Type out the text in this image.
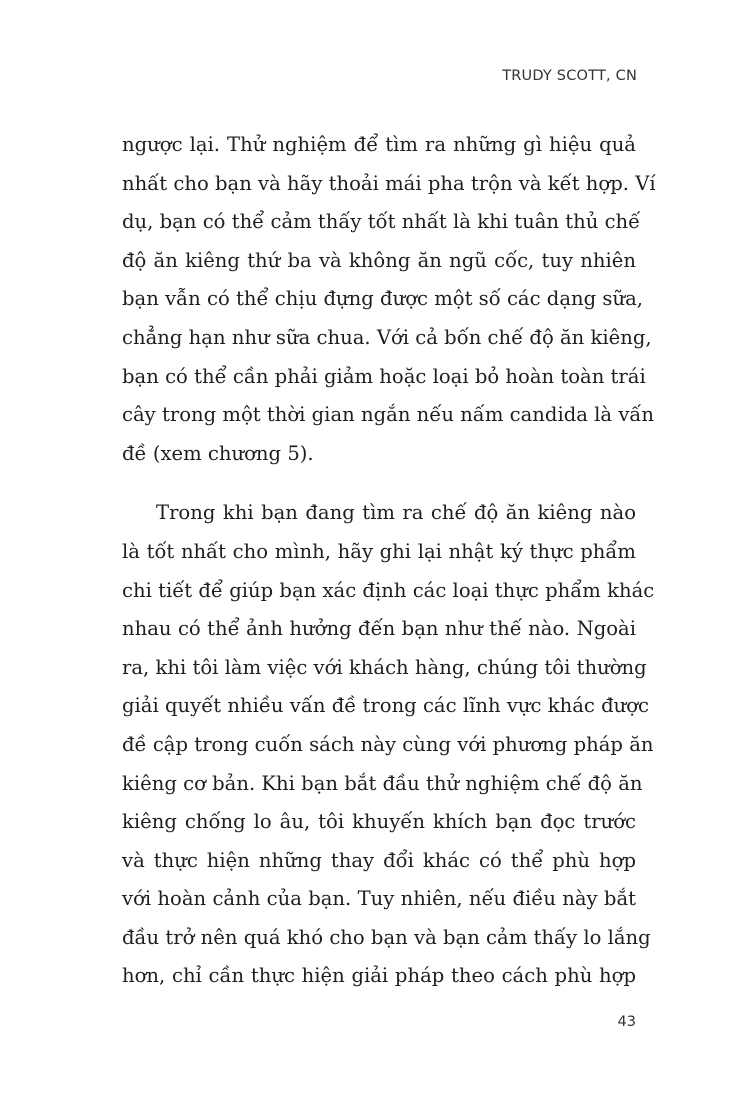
TRUDY SCOTT, CN
ngược lại. Thử nghiệm để tìm ra những gì hiệu quả
nhất cho bạn và hãy thoải mái pha trộn và kết hợp. Ví
dụ, bạn có thể cảm thấy tốt nhất là khi tuân thủ chế
độ ăn kiêng thứ ba và không ăn ngũ cốc, tuy nhiên
bạn vẫn có thể chịu đựng được một số các dạng sữa,
chẳng hạn như sữa chua. Với cả bốn chế độ ăn kiêng,
bạn có thể cần phải giảm hoặc loại bỏ hoàn toàn trái
cây trong một thời gian ngắn nếu nấm candida là vấn
đề (xem chương 5).
Trong khi bạn đang tìm ra chế độ ăn kiêng nào
là tốt nhất cho mình, hãy ghi lại nhật ký thực phẩm
chi tiết để giúp bạn xác định các loại thực phẩm khác
nhau có thể ảnh hưởng đến bạn như thế nào. Ngoài
ra, khi tôi làm việc với khách hàng, chúng tôi thường
giải quyết nhiều vấn đề trong các lĩnh vực khác được
đề cập trong cuốn sách này cùng với phương pháp ăn
kiêng cơ bản. Khi bạn bắt đầu thử nghiệm chế độ ăn
kiêng chống lo âu, tôi khuyến khích bạn đọc trước
và thực hiện những thay đổi khác có thể phù hợp
với hoàn cảnh của bạn. Tuy nhiên, nếu điều này bắt
đầu trở nên quá khó cho bạn và bạn cảm thấy lo lắng
hơn, chỉ cần thực hiện giải pháp theo cách phù hợp
43
